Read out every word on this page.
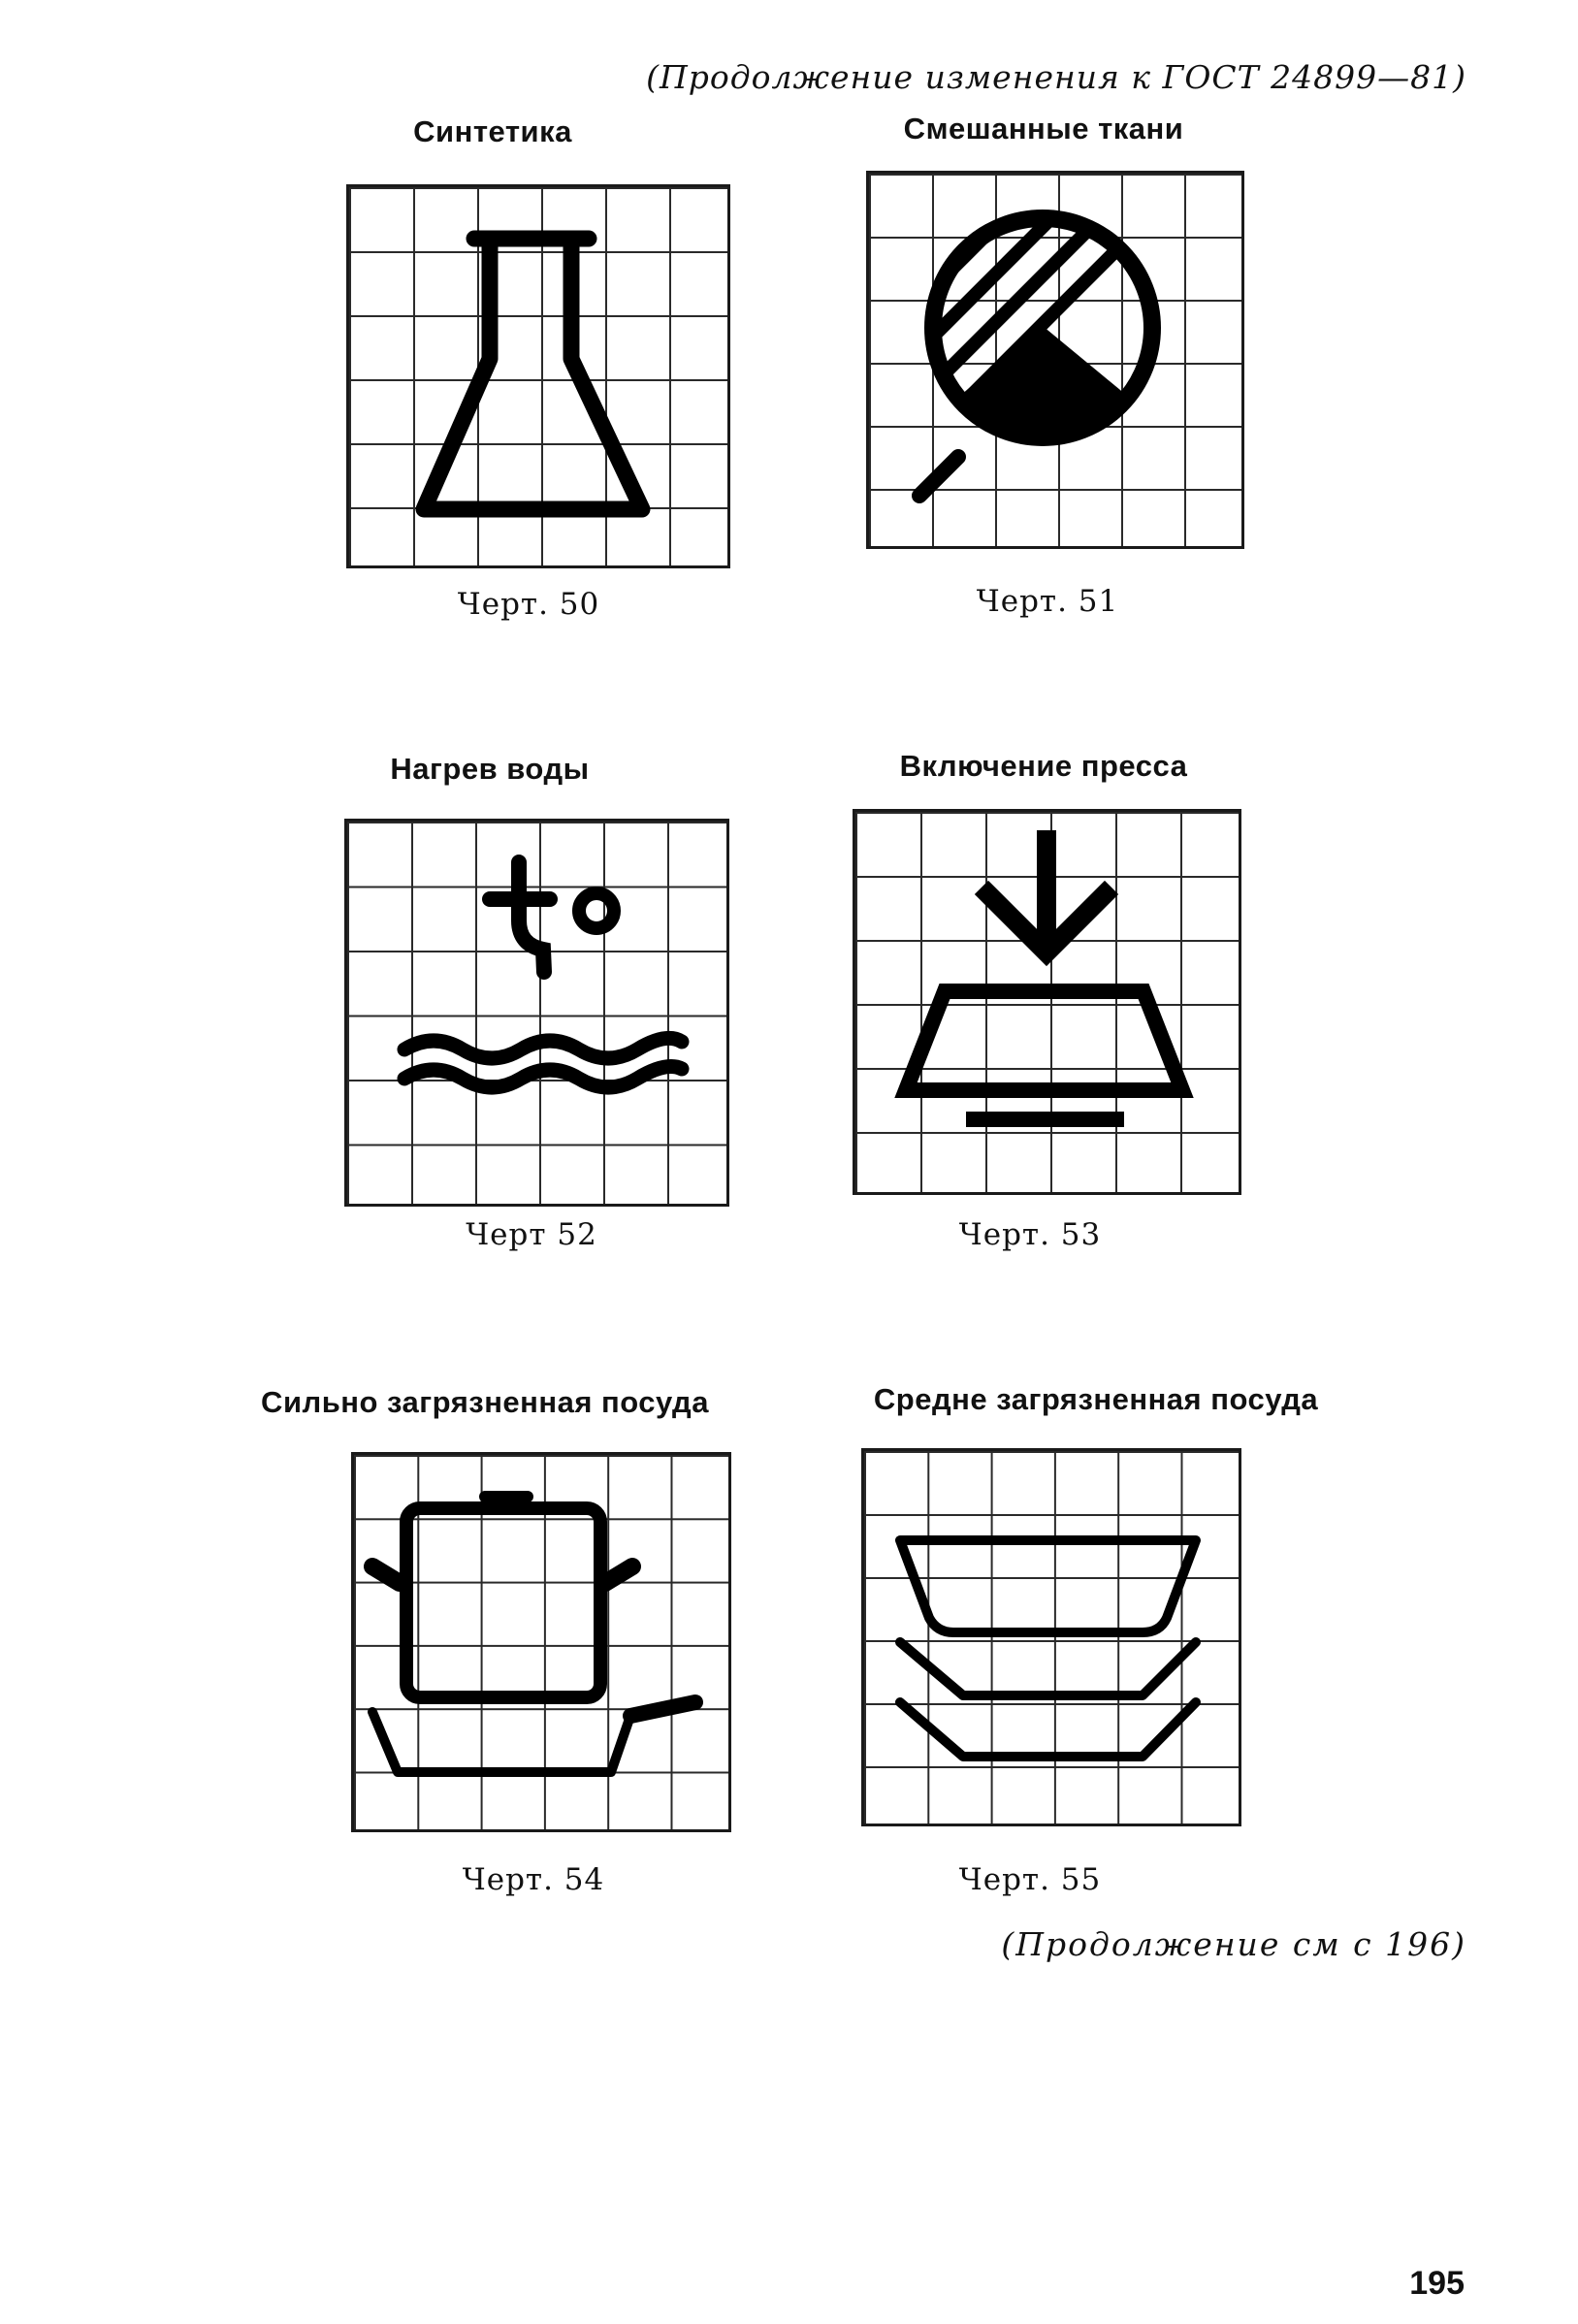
(Продолжение изменения к ГОСТ 24899—81)
Синтетика
Черт. 50
Смешанные ткани
Черт. 51
Нагрев воды
Черт 52
Включение пресса
Черт. 53
Сильно загрязненная посуда
Черт. 54
Средне загрязненная посуда
Черт. 55
(Продолжение см с 196)
195
